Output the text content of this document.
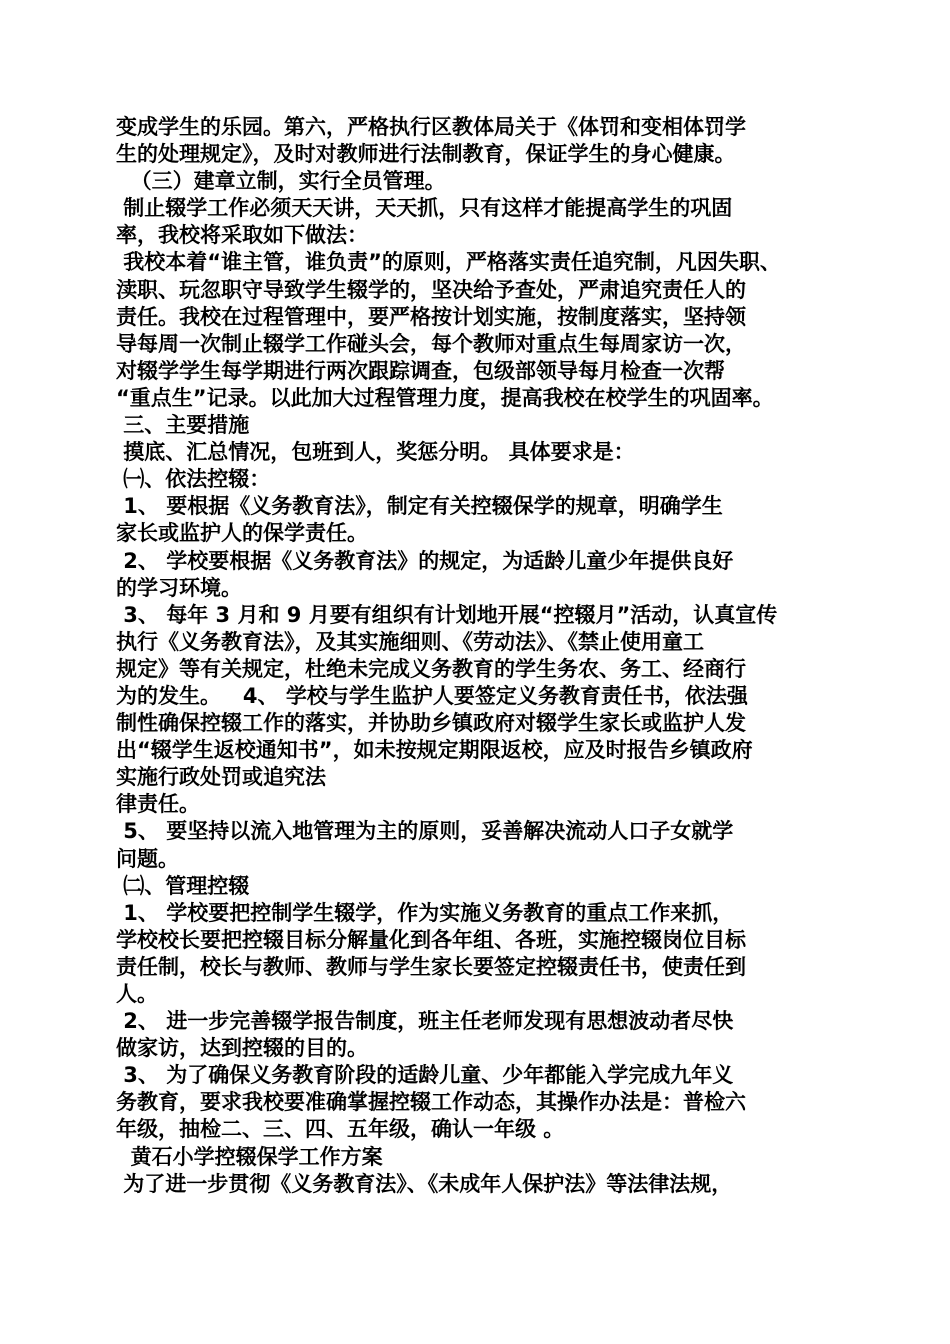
变成学生的乐园。第六，严格执行区教体局关于《体罚和变相体罚学
生的处理规定》，及时对教师进行法制教育，保证学生的身心健康。
（三）建章立制，实行全员管理。
制止辍学工作必须天天讲，天天抓，只有这样才能提高学生的巩固
率，我校将采取如下做法：
我校本着“谁主管，谁负责”的原则，严格落实责任追究制，凡因失职、
渎职、玩忽职守导致学生辍学的，坚决给予查处，严肃追究责任人的
责任。我校在过程管理中，要严格按计划实施，按制度落实，坚持领
导每周一次制止辍学工作碰头会，每个教师对重点生每周家访一次，
对辍学学生每学期进行两次跟踪调查，包级部领导每月检查一次帮
“重点生”记录。以此加大过程管理力度，提高我校在校学生的巩固率。
三、主要措施
摸底、汇总情况，包班到人，奖惩分明。 具体要求是：
㈠、依法控辍：
1、 要根据《义务教育法》，制定有关控辍保学的规章，明确学生
家长或监护人的保学责任。
2、 学校要根据《义务教育法》的规定，为适龄儿童少年提供良好
的学习环境。
3、 每年 3 月和 9 月要有组织有计划地开展“控辍月”活动，认真宣传
执行《义务教育法》，及其实施细则、《劳动法》、《禁止使用童工
规定》等有关规定，杜绝未完成义务教育的学生务农、务工、经商行
为的发生。   4、 学校与学生监护人要签定义务教育责任书，依法强
制性确保控辍工作的落实，并协助乡镇政府对辍学生家长或监护人发
出“辍学生返校通知书”，如未按规定期限返校，应及时报告乡镇政府
实施行政处罚或追究法
律责任。
5、 要坚持以流入地管理为主的原则，妥善解决流动人口子女就学
问题。
㈡、管理控辍
1、 学校要把控制学生辍学，作为实施义务教育的重点工作来抓，
学校校长要把控辍目标分解量化到各年组、各班，实施控辍岗位目标
责任制，校长与教师、教师与学生家长要签定控辍责任书，使责任到
人。
2、 进一步完善辍学报告制度，班主任老师发现有思想波动者尽快
做家访，达到控辍的目的。
3、 为了确保义务教育阶段的适龄儿童、少年都能入学完成九年义
务教育，要求我校要准确掌握控辍工作动态，其操作办法是：普检六
年级，抽检二、三、四、五年级，确认一年级 。
黄石小学控辍保学工作方案
为了进一步贯彻《义务教育法》、《未成年人保护法》等法律法规，
